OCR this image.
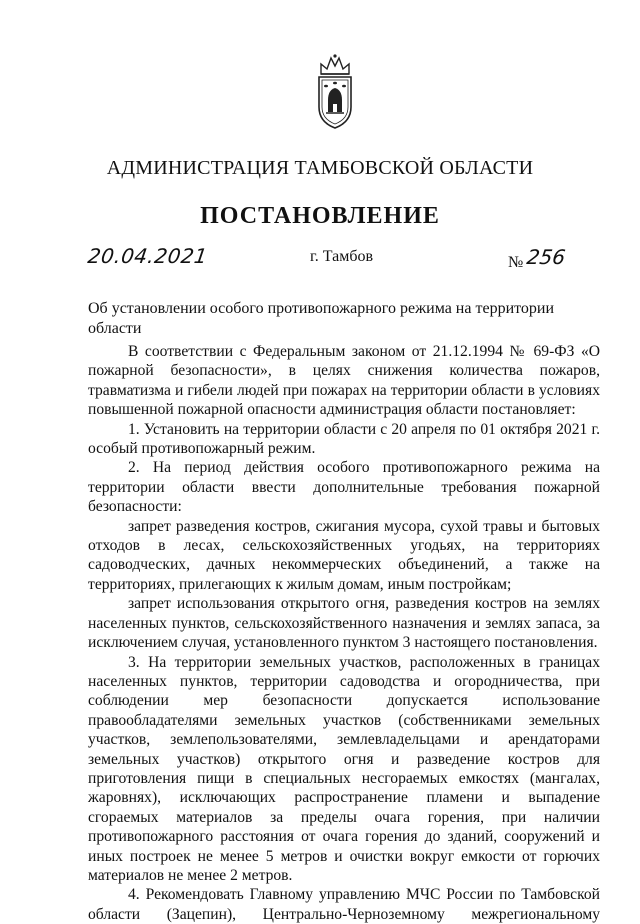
АДМИНИСТРАЦИЯ ТАМБОВСКОЙ ОБЛАСТИ
ПОСТАНОВЛЕНИЕ
20.04.2021	г. Тамбов	№ 256
Об установлении особого противопожарного режима на территории области

В соответствии с Федеральным законом от 21.12.1994 № 69-ФЗ «О пожарной безопасности», в целях снижения количества пожаров, травматизма и гибели людей при пожарах на территории области в условиях повышенной пожарной опасности администрация области постановляет:

1. Установить на территории области с 20 апреля по 01 октября 2021 г. особый противопожарный режим.

2. На период действия особого противопожарного режима на территории области ввести дополнительные требования пожарной безопасности:

запрет разведения костров, сжигания мусора, сухой травы и бытовых отходов в лесах, сельскохозяйственных угодьях, на территориях садоводческих, дачных некоммерческих объединений, а также на территориях, прилегающих к жилым домам, иным постройкам;

запрет использования открытого огня, разведения костров на землях населенных пунктов, сельскохозяйственного назначения и землях запаса, за исключением случая, установленного пунктом 3 настоящего постановления.

3. На территории земельных участков, расположенных в границах населенных пунктов, территории садоводства и огородничества, при соблюдении мер безопасности допускается использование правообладателями земельных участков (собственниками земельных участков, землепользователями, землевладельцами и арендаторами земельных участков) открытого огня и разведение костров для приготовления пищи в специальных несгораемых емкостях (мангалах, жаровнях), исключающих распространение пламени и выпадение сгораемых материалов за пределы очага горения, при наличии противопожарного расстояния от очага горения до зданий, сооружений и иных построек не менее 5 метров и очистки вокруг емкости от горючих материалов не менее 2 метров.

4. Рекомендовать Главному управлению МЧС России по Тамбовской области (Зацепин), Центрально-Черноземному межрегиональному
